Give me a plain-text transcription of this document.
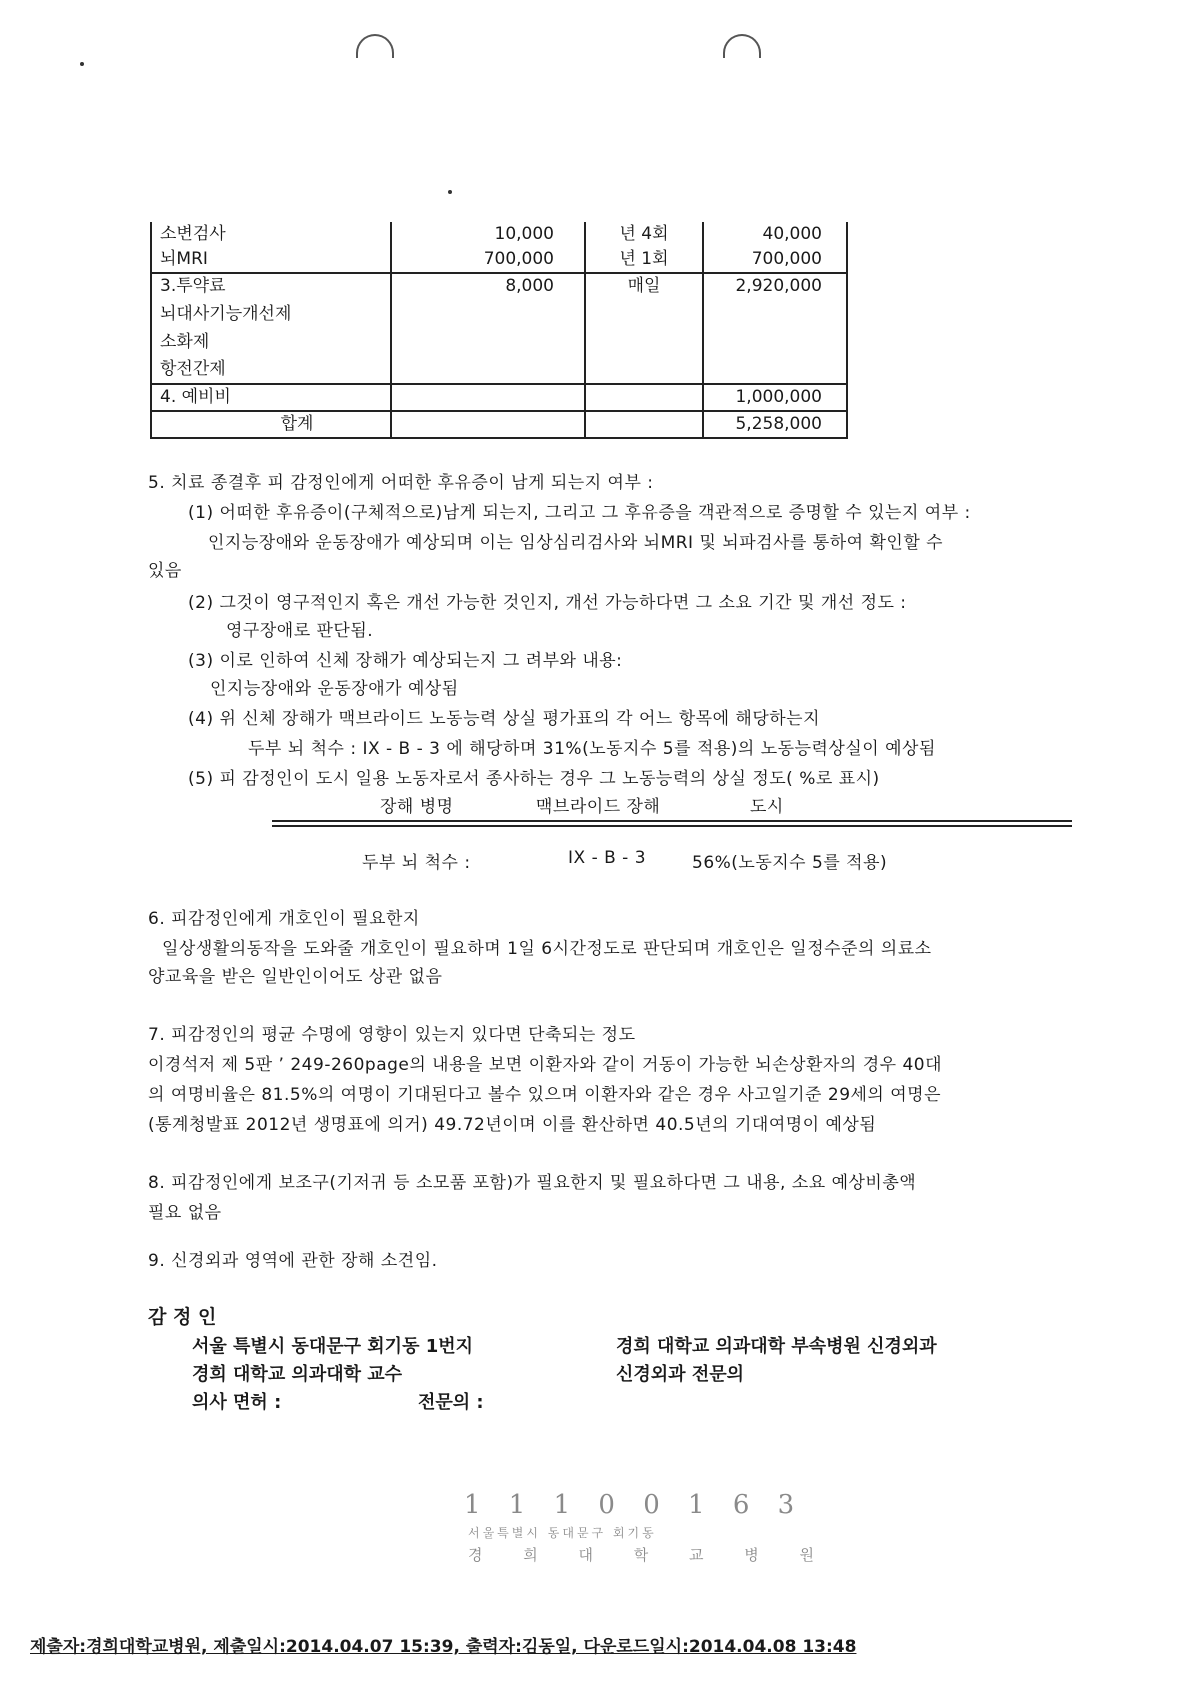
소변검사	10,000	년 4회	40,000
뇌MRI	700,000	년 1회	700,000
3.투약료	8,000	매일	2,920,000
뇌대사기능개선제			
소화제			
항전간제			
4. 예비비			1,000,000
합계			5,258,000
5. 치료 종결후 피 감정인에게 어떠한 후유증이 남게 되는지 여부 :
(1) 어떠한 후유증이(구체적으로)남게 되는지, 그리고 그 후유증을 객관적으로 증명할 수 있는지 여부 :
인지능장애와 운동장애가 예상되며 이는 임상심리검사와 뇌MRI 및 뇌파검사를 통하여 확인할 수
있음
(2) 그것이 영구적인지 혹은 개선 가능한 것인지, 개선 가능하다면 그 소요 기간 및 개선 정도 :
영구장애로 판단됨.
(3) 이로 인하여 신체 장해가 예상되는지 그 려부와 내용:
인지능장애와 운동장애가 예상됨
(4) 위 신체 장해가 맥브라이드 노동능력 상실 평가표의 각 어느 항목에 해당하는지
두부 뇌 척수 : IX - B - 3 에 해당하며 31%(노동지수 5를 적용)의 노동능력상실이 예상됨
(5) 피 감정인이 도시 일용 노동자로서 종사하는 경우 그 노동능력의 상실 정도( %로 표시)
장해 병명	맥브라이드 장해	도시
두부 뇌 척수 :	IX - B - 3	56%(노동지수 5를 적용)
6. 피감정인에게 개호인이 필요한지
일상생활의동작을 도와줄 개호인이 필요하며 1일 6시간정도로 판단되며 개호인은 일정수준의 의료소
양교육을 받은 일반인이어도 상관 없음
7. 피감정인의 평균 수명에 영향이 있는지 있다면 단축되는 정도
이경석저 제 5판 ’ 249-260page의 내용을 보면 이환자와 같이 거동이 가능한 뇌손상환자의 경우 40대
의 여명비율은 81.5%의 여명이 기대된다고 볼수 있으며 이환자와 같은 경우 사고일기준 29세의 여명은
(통계청발표 2012년 생명표에 의거) 49.72년이며 이를 환산하면 40.5년의 기대여명이 예상됨
8. 피감정인에게 보조구(기저귀 등 소모품 포함)가 필요한지 및 필요하다면 그 내용, 소요 예상비총액
필요 없음
9. 신경외과 영역에 관한 장해 소견임.
감 정 인
서울 특별시 동대문구 회기동 1번지	경희 대학교 의과대학 부속병원 신경외과
경희 대학교 의과대학 교수	신경외과 전문의
의사 면허 :	전문의 :
1 1 1 0 0 1 6 3
서울특별시 동대문구 회기동
경 희 대 학 교 병 원
제출자:경희대학교병원, 제출일시:2014.04.07 15:39, 출력자:김동일, 다운로드일시:2014.04.08 13:48
